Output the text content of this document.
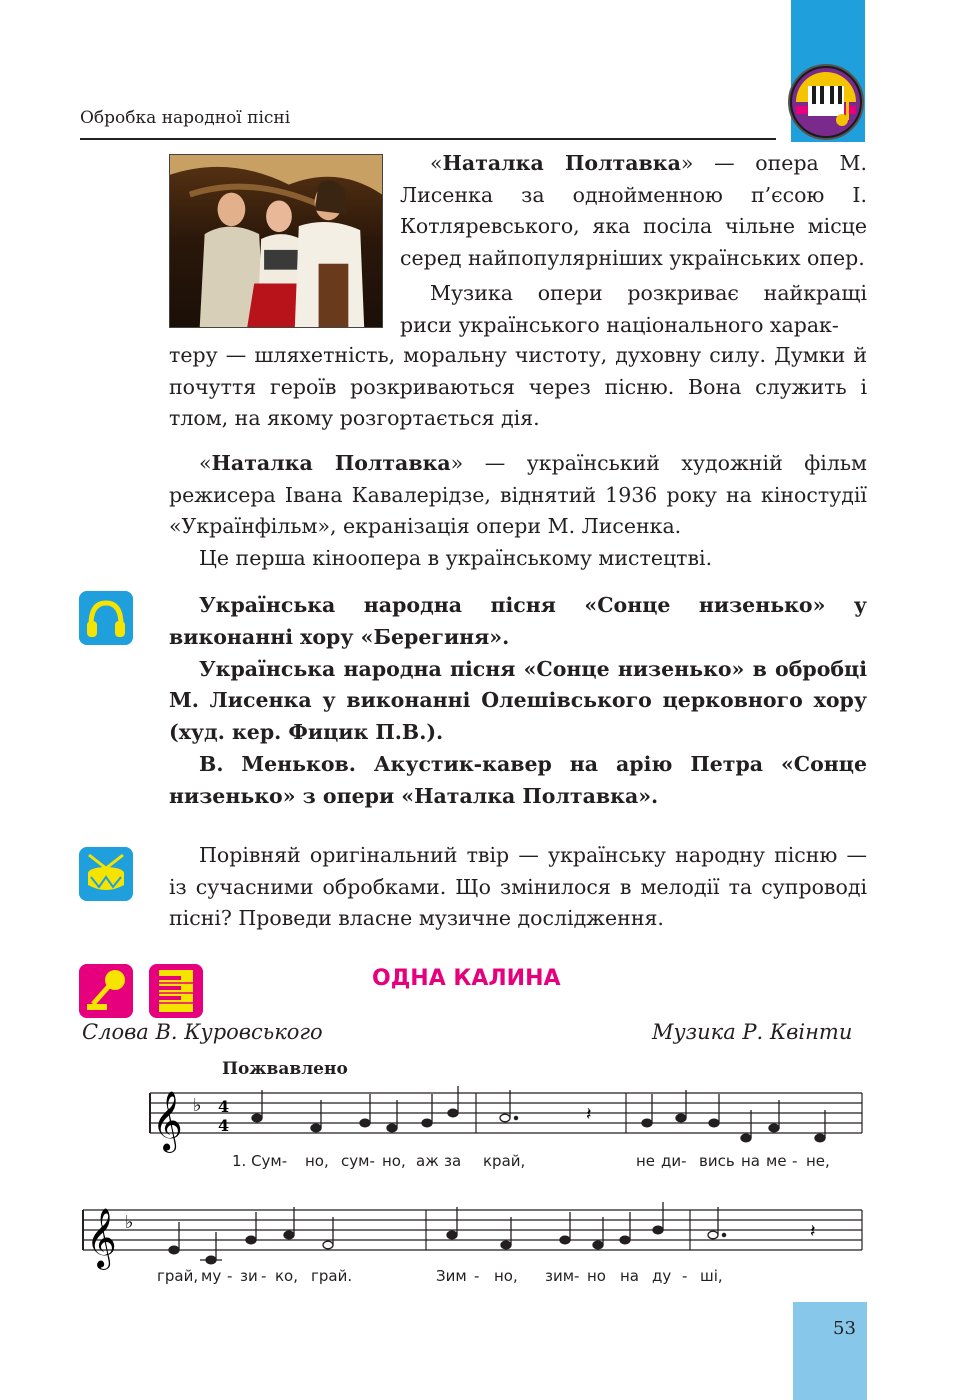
Обробка народної пісні

«Наталка Полтавка» — опера М. Лисенка за однойменною п’єсою І. Котляревського, яка посіла чільне місце серед найпопулярніших українських опер.

Музика опери розкриває найкращі риси українського національного харак-

теру — шляхетність, моральну чистоту, духовну силу. Думки й почуття героїв розкриваються через пісню. Вона служить і тлом, на якому розгортається дія.

«Наталка Полтавка» — український художній фільм режисера Івана Кавалерідзе, віднятий 1936 року на кіностудії «Українфільм», екранізація опери М. Лисенка.

Це перша кіноопера в українському мистецтві.

Українська народна пісня «Сонце низенько» у виконанні хору «Берегиня».

Українська народна пісня «Сонце низенько» в обробці М. Лисенка у виконанні Олешівського церковного хору (худ. кер. Фицик П.В.).

В. Меньков. Акустик-кавер на арію Петра «Сонце низенько» з опери «Наталка Полтавка».

Порівняй оригінальний твір — українську народну пісню — із сучасними обробками. Що змінилося в мелодії та супроводі пісні? Проведи власне музичне дослідження.

ОДНА КАЛИНА
Слова В. Куровського	Музика Р. Квінти
Пожвавлено
𝄞 ♭ 4
4
𝄽
𝄞 ♭	𝄽
1. Сум- но, сум- но, аж за край,	не ди- вись на ме - не,
грай, му - зи - ко, грай.	Зим - но, зим- но на ду - ші,
53
